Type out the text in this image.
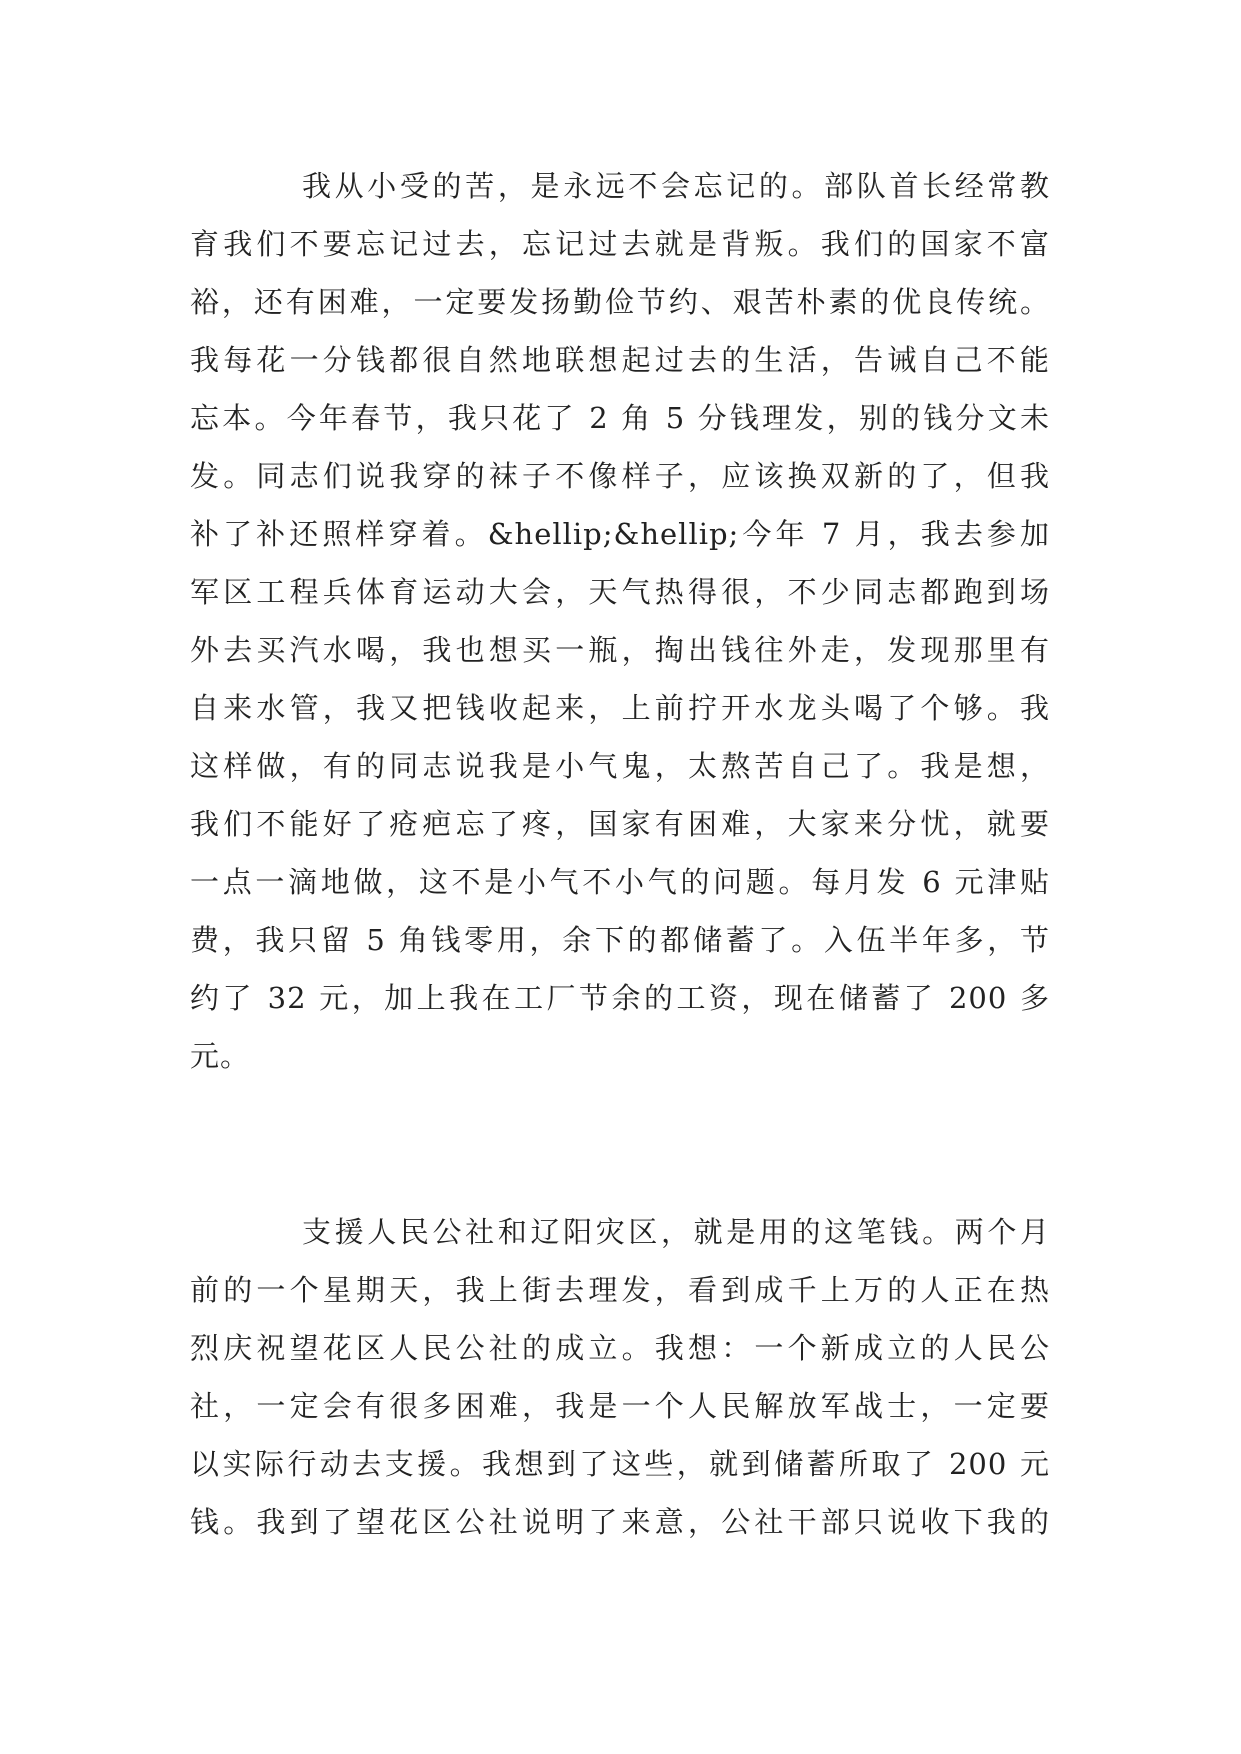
我从小受的苦，是永远不会忘记的。部队首长经常教
育我们不要忘记过去，忘记过去就是背叛。我们的国家不富
裕，还有困难，一定要发扬勤俭节约、艰苦朴素的优良传统。
我每花一分钱都很自然地联想起过去的生活，告诫自己不能
忘本。今年春节，我只花了 2 角 5 分钱理发，别的钱分文未
发。同志们说我穿的袜子不像样子，应该换双新的了，但我
补了补还照样穿着。&hellip;&hellip;今年 7 月，我去参加
军区工程兵体育运动大会，天气热得很，不少同志都跑到场
外去买汽水喝，我也想买一瓶，掏出钱往外走，发现那里有
自来水管，我又把钱收起来，上前拧开水龙头喝了个够。我
这样做，有的同志说我是小气鬼，太熬苦自己了。我是想，
我们不能好了疮疤忘了疼，国家有困难，大家来分忧，就要
一点一滴地做，这不是小气不小气的问题。每月发 6 元津贴
费，我只留 5 角钱零用，余下的都储蓄了。入伍半年多，节
约了 32 元，加上我在工厂节余的工资，现在储蓄了 200 多
元。
支援人民公社和辽阳灾区，就是用的这笔钱。两个月
前的一个星期天，我上街去理发，看到成千上万的人正在热
烈庆祝望花区人民公社的成立。我想：一个新成立的人民公
社，一定会有很多困难，我是一个人民解放军战士，一定要
以实际行动去支援。我想到了这些，就到储蓄所取了 200 元
钱。我到了望花区公社说明了来意，公社干部只说收下我的
